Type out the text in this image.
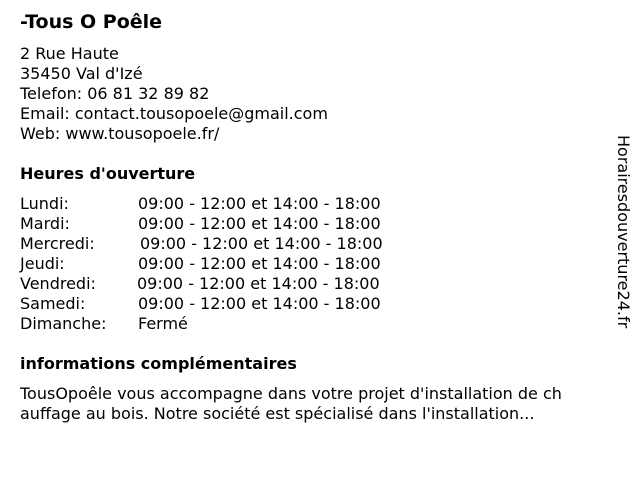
-Tous O Poêle
2 Rue Haute
35450 Val d'Izé
Telefon: 06 81 32 89 82
Email: contact.tousopoele@gmail.com
Web: www.tousopoele.fr/
Heures d'ouverture
Lundi:	09:00 - 12:00 et 14:00 - 18:00
Mardi:	09:00 - 12:00 et 14:00 - 18:00
Mercredi:	09:00 - 12:00 et 14:00 - 18:00
Jeudi:	09:00 - 12:00 et 14:00 - 18:00
Vendredi:	09:00 - 12:00 et 14:00 - 18:00
Samedi:	09:00 - 12:00 et 14:00 - 18:00
Dimanche: Fermé
informations complémentaires
TousOpoêle vous accompagne dans votre projet d'installation de ch
auffage au bois. Notre société est spécialisé dans l'installation...
Horairesdouverture24.fr
